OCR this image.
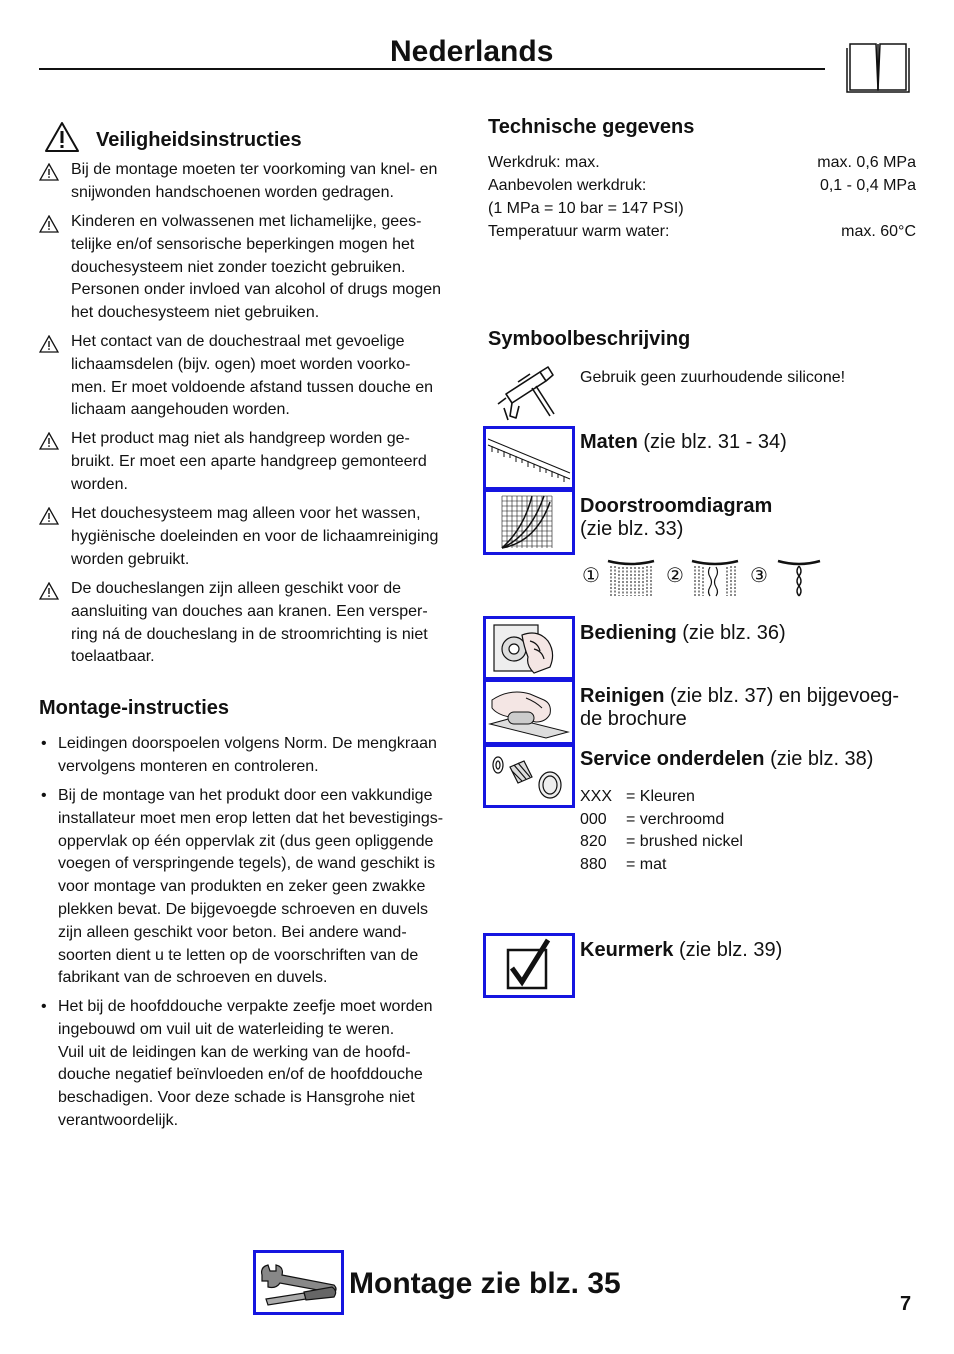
Nederlands
Veiligheidsinstructies
Bij de montage moeten ter voorkoming van knel- en
snijwonden handschoenen worden gedragen.
Kinderen en volwassenen met lichamelijke, gees-
telijke en/of sensorische beperkingen mogen het
douchesysteem niet zonder toezicht gebruiken.
Personen onder invloed van alcohol of drugs mogen
het douchesysteem niet gebruiken.
Het contact van de douchestraal met gevoelige
lichaamsdelen (bijv. ogen) moet worden voorko-
men. Er moet voldoende afstand tussen douche en
lichaam aangehouden worden.
Het product mag niet als handgreep worden ge-
bruikt. Er moet een aparte handgreep gemonteerd
worden.
Het douchesysteem mag alleen voor het wassen,
hygiënische doeleinden en voor de lichaamreiniging
worden gebruikt.
De doucheslangen zijn alleen geschikt voor de
aansluiting van douches aan kranen. Een versper-
ring ná de doucheslang in de stroomrichting is niet
toelaatbaar.
Montage-instructies
• Leidingen doorspoelen volgens Norm. De mengkraan
vervolgens monteren en controleren.
• Bij de montage van het produkt door een vakkundige
installateur moet men erop letten dat het bevestigings-
oppervlak op één oppervlak zit (dus geen opliggende
voegen of verspringende tegels), de wand geschikt is
voor montage van produkten en zeker geen zwakke
plekken bevat. De bijgevoegde schroeven en duvels
zijn alleen geschikt voor beton. Bei andere wand-
soorten dient u te letten op de voorschriften van de
fabrikant van de schroeven en duvels.
• Het bij de hoofddouche verpakte zeefje moet worden
ingebouwd om vuil uit de waterleiding te weren.
Vuil uit de leidingen kan de werking van de hoofd-
douche negatief beïnvloeden en/of de hoofddouche
beschadigen. Voor deze schade is Hansgrohe niet
verantwoordelijk.
Technische gegevens
Werkdruk: max.	max. 0,6 MPa
Aanbevolen werkdruk:	0,1 - 0,4 MPa
(1 MPa = 10 bar = 147 PSI)
Temperatuur warm water:	max. 60°C
Symboolbeschrijving
Gebruik geen zuurhoudende silicone!
Maten (zie blz. 31 - 34)
Doorstroomdiagram
(zie blz. 33)
①	②	③
Bediening (zie blz. 36)
Reinigen (zie blz. 37) en bijgevoeg-
de brochure
Service onderdelen (zie blz. 38)
XXX = Kleuren
000 = verchroomd
820 = brushed nickel
880 = mat
Keurmerk (zie blz. 39)
Montage zie blz. 35
7
